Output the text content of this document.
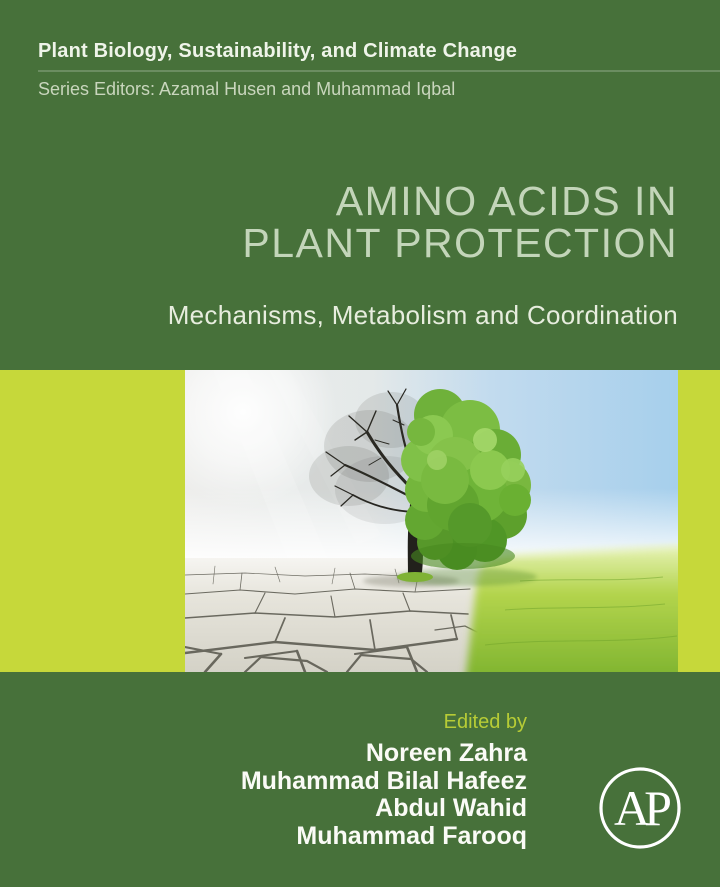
Plant Biology, Sustainability, and Climate Change
Series Editors: Azamal Husen and Muhammad Iqbal
AMINO ACIDS IN
PLANT PROTECTION
Mechanisms, Metabolism and Coordination
Edited by
Noreen Zahra
Muhammad Bilal Hafeez
Abdul Wahid
Muhammad Farooq AP
